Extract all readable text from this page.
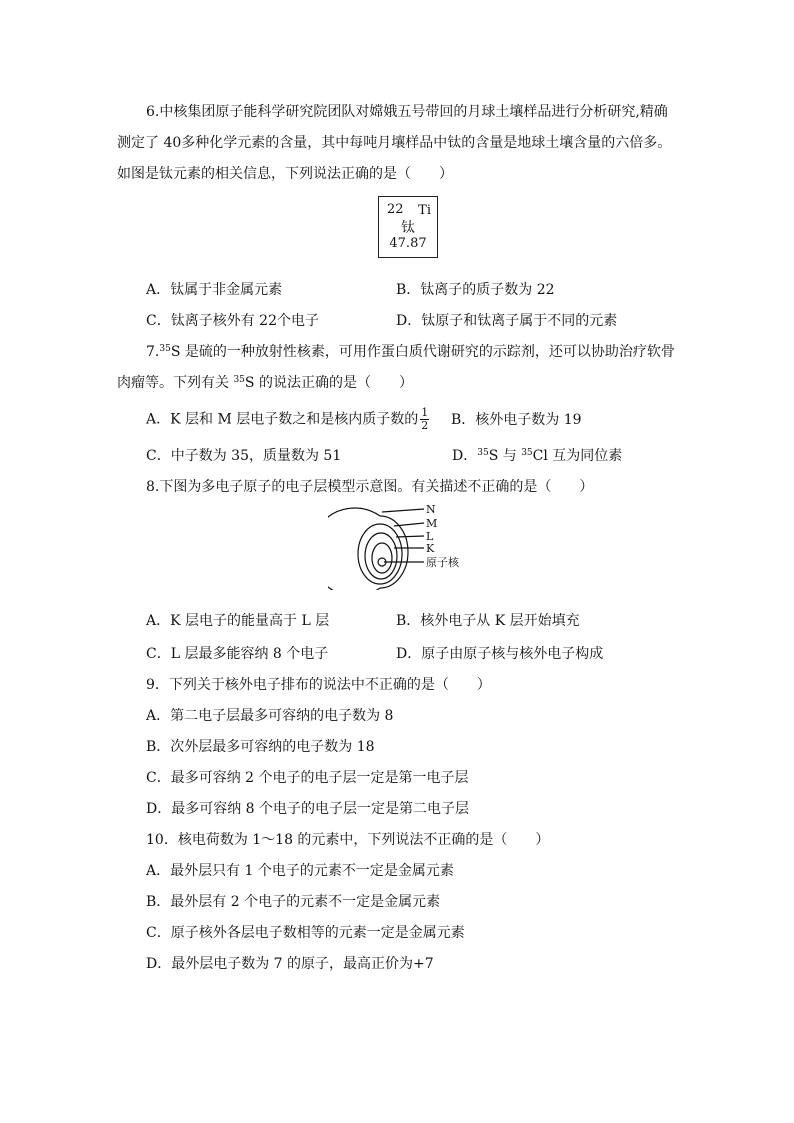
6.中核集团原子能科学研究院团队对嫦娥五号带回的月球土壤样品进行分析研究,精确
测定了 40多种化学元素的含量，其中每吨月壤样品中钛的含量是地球土壤含量的六倍多。
如图是钛元素的相关信息，下列说法正确的是（　　）
22 Ti
钛
47.87
A．钛属于非金属元素	B．钛离子的质子数为 22
C．钛离子核外有 22个电子	D．钛原子和钛离子属于不同的元素
7.35S 是硫的一种放射性核素，可用作蛋白质代谢研究的示踪剂，还可以协助治疗软骨
肉瘤等。下列有关 $^{35}$S 的说法正确的是（　　）
A．K 层和 M 层电子数之和是核内质子数的 $\frac{1}{2}$ B．核外电子数为 19
C．中子数为 35，质量数为 51	D．$^{35}$S 与 $^{35}$Cl 互为同位素
8.下图为多电子原子的电子层模型示意图。有关描述不正确的是（　　）
N
M
L
K
原子核
A．K 层电子的能量高于 L 层	B．核外电子从 K 层开始填充
C．L 层最多能容纳 8 个电子	D．原子由原子核与核外电子构成
9．下列关于核外电子排布的说法中不正确的是（　　）
A．第二电子层最多可容纳的电子数为 8
B．次外层最多可容纳的电子数为 18
C．最多可容纳 2 个电子的电子层一定是第一电子层
D．最多可容纳 8 个电子的电子层一定是第二电子层
10．核电荷数为 1～18 的元素中，下列说法不正确的是（　　）
A．最外层只有 1 个电子的元素不一定是金属元素
B．最外层有 2 个电子的元素不一定是金属元素
C．原子核外各层电子数相等的元素一定是金属元素
D．最外层电子数为 7 的原子，最高正价为+7
